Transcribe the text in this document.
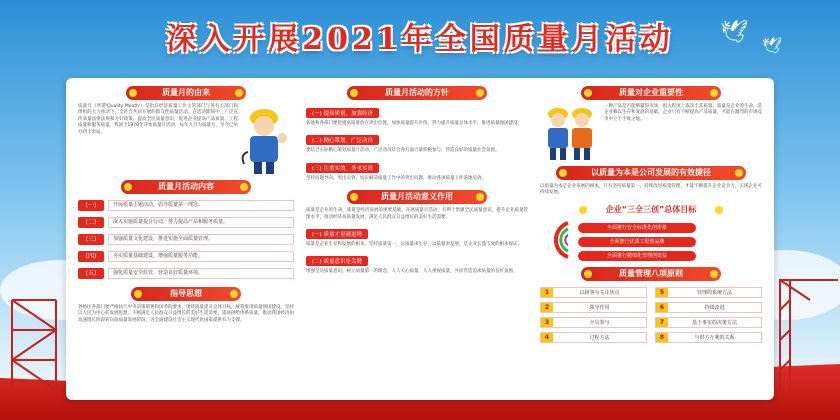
🕊
🕊
深入开展2021年全国质量月活动
质量月的由来

质量月（所谓'Quality Month'）是指在经济质量工作主管部门与各有关部门和组织的大力推动下，全社会共同开展的群众性质量活动。在活动期间中，广泛宣传质量法律法规和方针政策，提高全民质量意识，促进企业提高产品质量、工程质量和服务质量。我国于1978年开始质量月活动，每年九月为质量月，至今已举办四十余届。

质量月活动内容
(一)	开展质量主题活动，倡导质量第一理念。
(二)	深入实施质量提升行动，努力提高产品和服务质量。
(三)	加强质量文化建设，推进实施全面质量管理。
(四)	夯实质量基础建设，增强质量服务功能。
(五)	强化质量安全监管，营造良好质量环境。
指导思想

各地区各部门要严格执行中央决策部署和国务院要求，围绕质量提升总体目标，统筹推进质量强国建设，坚持以人民为中心的发展思想，不断满足人民群众日益增长的美好生活需要，提高供给体系质量，推动我国经济由高速增长阶段转向高质量发展阶段，为全面建设社会主义现代化国家提供有力支撑。

质量月活动的方针
(一) 提高质量，加强经济

各地和各部门要把提高质量放在突出位置，加快质量提升步伐，努力提升质量总体水平，推进质量强国建设。

(二) 精心策划，广泛动员

要结合实际精心策划质量月活动，广泛动员社会各方面力量积极参与，营造良好的质量社会氛围。

(三) 注重实效，务求实效

坚持问题导向，突出实效，切实解决质量工作中的突出问题，推动各项质量工作落地见效。

质量月活动意义作用

质量是企业的生命，质量是经济发展的重要基础。开展质量月活动，有利于增强全民质量意识，提升企业质量管理水平，推动经济高质量发展，满足人民群众日益增长的美好生活需要。

(一) 质量才是硬道理

质量是企业生存和发展的根本，坚持质量第一，以质量求生存、以质量求发展，是企业长盛不衰的根本保证。

(二) 质量意识是关键

增强全员质量意识，树立质量第一的理念，人人关心质量、人人重视质量，共同营造追求质量的良好氛围。

质量对企业重要性

一种产品是否能够赢得市场，很大程度上取决于其质量。质量是企业的生命，是企业赖以生存和发展的基础，企业只有不断提高产品质量，才能在激烈的市场竞争中立于不败之地。

以质量为本是公司发展的有效捷径

以质量为本是企业发展的根本，只有坚持质量第一，持续改进质量管理，才能不断提升企业竞争力，实现企业可持续发展。

企业“三全三创”总体目标
全面推行安全标准化创形象
全面推行优质工程创品牌
全面推行精细化管理创效益
质量管理八项原则
1	以顾客为关注焦点	5	管理的系统方法
2	领导作用	6	持续改进
3	全员参与	7	基于事实的决策方法
4	过程方法	8	与供方互利的关系
